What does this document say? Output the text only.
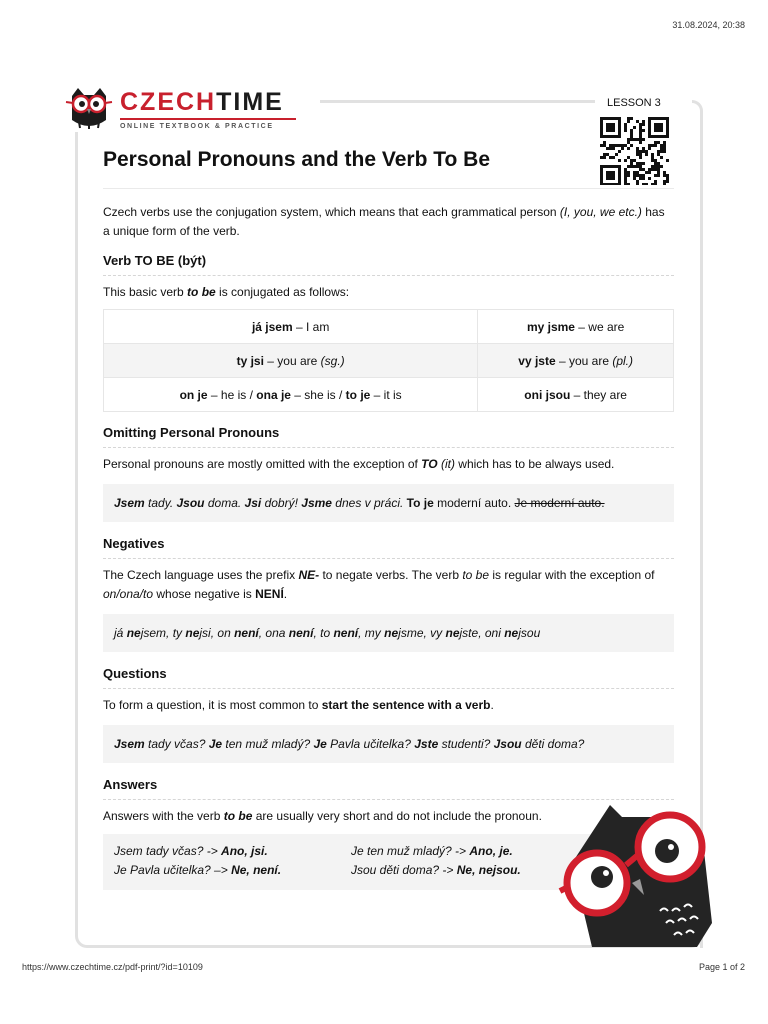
31.08.2024, 20:38
CZECHTIME
ONLINE TEXTBOOK & PRACTICE
LESSON 3
Personal Pronouns and the Verb To Be

Czech verbs use the conjugation system, which means that each grammatical person (I, you, we etc.) has a unique form of the verb.

Verb TO BE (být)

This basic verb to be is conjugated as follows:

já jsem – I am	my jsme – we are
ty jsi – you are (sg.)	vy jste – you are (pl.)
on je – he is / ona je – she is / to je – it is	oni jsou – they are
Omitting Personal Pronouns

Personal pronouns are mostly omitted with the exception of TO (it) which has to be always used.

Jsem tady. Jsou doma. Jsi dobrý! Jsme dnes v práci. To je moderní auto. Je moderní auto.
Negatives

The Czech language uses the prefix NE- to negate verbs. The verb to be is regular with the exception of on/ona/to whose negative is NENÍ.

já nejsem, ty nejsi, on není, ona není, to není, my nejsme, vy nejste, oni nejsou
Questions

To form a question, it is most common to start the sentence with a verb.

Jsem tady včas? Je ten muž mladý? Je Pavla učitelka? Jste studenti? Jsou děti doma?
Answers

Answers with the verb to be are usually very short and do not include the pronoun.

Jsem tady včas? -> Ano, jsi.	Je ten muž mladý? -> Ano, je.
Je Pavla učitelka? –> Ne, není.	Jsou děti doma? -> Ne, nejsou.
https://www.czechtime.cz/pdf-print/?id=10109	Page 1 of 2
